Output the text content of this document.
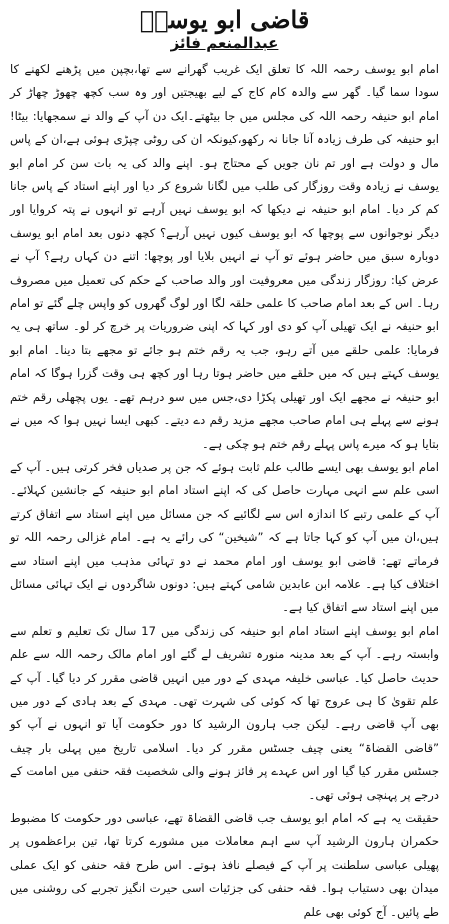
قاضی ابو یوسفؒ
عبدالمنعم فائز

امام ابو یوسف رحمہ اللہ کا تعلق ایک غریب گھرانے سے تھا،بچپن میں پڑھنے لکھنے کا سودا سما گیا۔ گھر سے والدہ کام کاج کے لیے بھیجتیں اور وہ سب کچھ چھوڑ چھاڑ کر امام ابو حنیفہ رحمہ اللہ کی مجلس میں جا بیٹھتے۔ایک دن آپ کے والد نے سمجھایا: بیٹا!ابو حنیفہ کی طرف زیادہ آنا جانا نہ رکھو،کیونکہ ان کی روٹی چپڑی ہوئی ہے،ان کے پاس مال و دولت ہے اور تم نان جویں کے محتاج ہو۔ اپنے والد کی یہ بات سن کر امام ابو یوسف نے زیادہ وقت روزگار کی طلب میں لگانا شروع کر دیا اور اپنے استاد کے پاس جانا کم کر دیا۔ امام ابو حنیفہ نے دیکھا کہ ابو یوسف نہیں آرہے تو انہوں نے پتہ کروایا اور دیگر نوجوانوں سے پوچھا کہ ابو یوسف کیوں نہیں آرہے؟ کچھ دنوں بعد امام ابو یوسف دوبارہ سبق میں حاضر ہوئے تو آپ نے انہیں بلایا اور پوچھا: اتنے دن کہاں رہے؟ آپ نے عرض کیا: روزگار زندگی میں معروفیت اور والد صاحب کے حکم کی تعمیل میں مصروف رہا۔ اس کے بعد امام صاحب کا علمی حلقہ لگا اور لوگ گھروں کو واپس چلے گئے تو امام ابو حنیفہ نے ایک تھیلی آپ کو دی اور کہا کہ اپنی ضروریات پر خرچ کر لو۔ ساتھ ہی یہ فرمایا: علمی حلقے میں آتے رہو، جب یہ رقم ختم ہو جائے تو مجھے بتا دینا۔ امام ابو یوسف کہتے ہیں کہ میں حلقے میں حاضر ہوتا رہا اور کچھ ہی وقت گزرا ہوگا کہ امام ابو حنیفہ نے مجھے ایک اور تھیلی پکڑا دی،جس میں سو درہم تھے۔ یوں پچھلی رقم ختم ہونے سے پہلے ہی امام صاحب مجھے مزید رقم دے دیتے۔ کبھی ایسا نہیں ہوا کہ میں نے بتایا ہو کہ میرے پاس پہلے رقم ختم ہو چکی ہے۔

امام ابو یوسف بھی ایسے طالب علم ثابت ہوئے کہ جن پر صدیاں فخر کرتی ہیں۔ آپ کے اسی علم سے انہی مہارت حاصل کی کہ اپنے استاد امام ابو حنیفہ کے جانشین کہلائے۔ آپ کے علمی رتبے کا اندازہ اس سے لگائیے کہ جن مسائل میں اپنے استاد سے اتفاق کرتے ہیں،ان میں آپ کو کہا جاتا ہے کہ ”شیخین“ کی رائے یہ ہے۔ امام غزالی رحمہ اللہ تو فرماتے تھے: قاضی ابو یوسف اور امام محمد نے دو تہائی مذہب میں اپنے استاد سے اختلاف کیا ہے۔ علامہ ابن عابدین شامی کہتے ہیں: دونوں شاگردوں نے ایک تہائی مسائل میں اپنے استاد سے اتفاق کیا ہے۔

امام ابو یوسف اپنے استاد امام ابو حنیفہ کی زندگی میں 17 سال تک تعلیم و تعلم سے وابستہ رہے۔ آپ کے بعد مدینہ منورہ تشریف لے گئے اور امام مالک رحمہ اللہ سے علم حدیث حاصل کیا۔ عباسی خلیفہ مہدی کے دور میں انہیں قاضی مقرر کر دیا گیا۔ آپ کے علم تقویٰ کا ہی عروج تھا کہ کوئی کی شہرت تھی۔ مہدی کے بعد ہادی کے دور میں بھی آپ قاضی رہے۔ لیکن جب ہارون الرشید کا دور حکومت آیا تو انہوں نے آپ کو ”قاضی القضاۃ“ یعنی چیف جسٹس مقرر کر دیا۔ اسلامی تاریخ میں پہلی بار چیف جسٹس مقرر کیا گیا اور اس عہدے پر فائز ہونے والی شخصیت فقہ حنفی میں امامت کے درجے پر پہنچی ہوئی تھی۔

حقیقت یہ ہے کہ امام ابو یوسف جب قاضی القضاۃ تھے، عباسی دور حکومت کا مضبوط حکمران ہارون الرشید آپ سے اہم معاملات میں مشورے کرتا تھا، تین براعظموں پر پھیلی عباسی سلطنت پر آپ کے فیصلے نافذ ہوتے۔ اس طرح فقہ حنفی کو ایک عملی میدان بھی دستیاب ہوا۔ فقہ حنفی کی جزئیات اسی حیرت انگیز تجربے کی روشنی میں طے پائیں۔ آج کوئی بھی علم
